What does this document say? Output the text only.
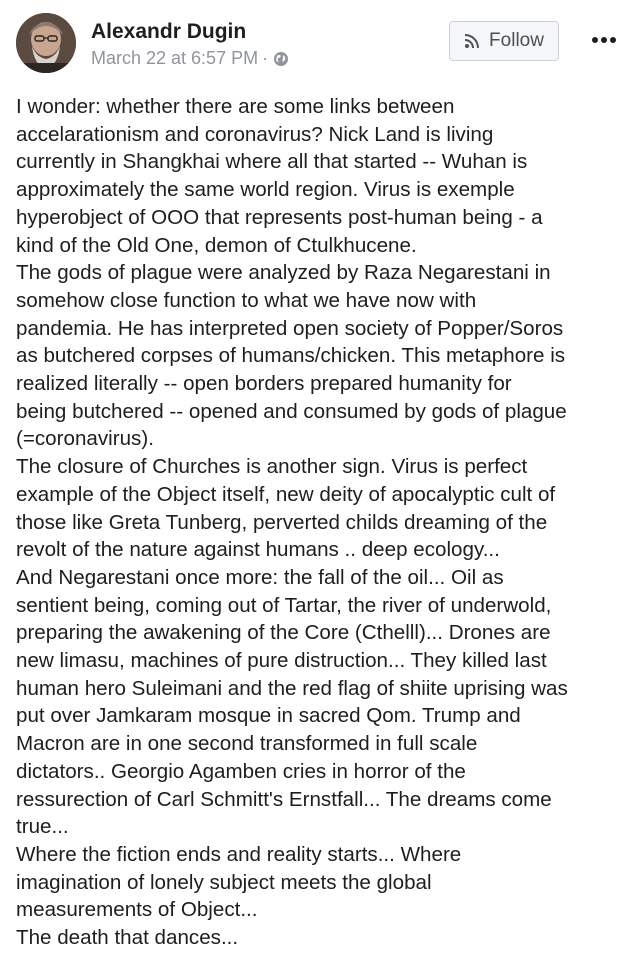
Alexandr Dugin
March 22 at 6:57 PM ·
Follow
I wonder: whether there are some links between
accelarationism and coronavirus? Nick Land is living
currently in Shangkhai where all that started -- Wuhan is
approximately the same world region. Virus is exemple
hyperobject of OOO that represents post-human being - a
kind of the Old One, demon of Ctulkhucene.
The gods of plague were analyzed by Raza Negarestani in
somehow close function to what we have now with
pandemia. He has interpreted open society of Popper/Soros
as butchered corpses of humans/chicken. This metaphore is
realized literally -- open borders prepared humanity for
being butchered -- opened and consumed by gods of plague
(=coronavirus).
The closure of Churches is another sign. Virus is perfect
example of the Object itself, new deity of apocalyptic cult of
those like Greta Tunberg, perverted childs dreaming of the
revolt of the nature against humans .. deep ecology...
And Negarestani once more: the fall of the oil... Oil as
sentient being, coming out of Tartar, the river of underwold,
preparing the awakening of the Core (Cthelll)... Drones are
new limasu, machines of pure distruction... They killed last
human hero Suleimani and the red flag of shiite uprising was
put over Jamkaram mosque in sacred Qom. Trump and
Macron are in one second transformed in full scale
dictators.. Georgio Agamben cries in horror of the
ressurection of Carl Schmitt's Ernstfall... The dreams come
true...
Where the fiction ends and reality starts... Where
imagination of lonely subject meets the global
measurements of Object...
The death that dances...
